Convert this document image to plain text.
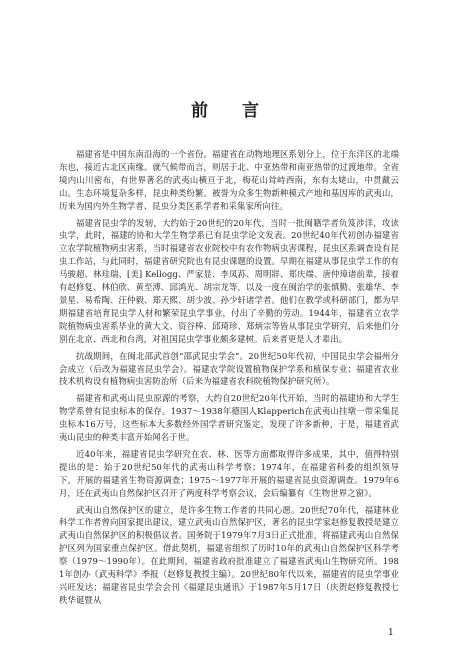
前 言

福建省是中国东南沿海的一个省份。福建省在动物地理区系划分上，位于东洋区的北端东也，接近古北区南缘。就气候带而言，则居于北、中亚热带和南亚热带的过渡地带。全省境内山川密布，有世界著名的武夷山横亘于北，梅花山耸峙西南，东有太姥山，中贯戴云山。生态环境复杂多样，昆虫种类纷繁。被誉为众多生物新种模式产地和基因库的武夷山，历来为国内外生物学者、昆虫分类区系学者和采集家所向往。

福建省昆虫学的发轫，大约始于20世纪的20年代，当时一批闽籍学者负笈涉洋，攻读虫学，此时，福建的协和大学生物学系已有昆虫学论文发表。20世纪40年代初创办福建省立农学院植物病虫害系，当时福建省农业院校中有农作物病虫害课程，昆虫区系调查设有昆虫工作站，与此同时，福建省研究院也有昆虫课题的设置。早期在福建从事昆虫学工作的有马骏超、林珪瑞、[美] Kellogg、严家显、李凤荪、周明牂、郑庆端、唐仲璋诸前辈，接着有赵修复、林伯欣、黄至溥、邱鸿光、胡宗龙等，以及一度在闽治学的张慎勤、张雄华、李景星、易希陶、汪仲毅、郑天熙、胡少波、孙少轩诸学者。他们在教学或科研部门，都为早期福建省培育昆虫学人材和繁荣昆虫学事业，付出了辛勤的劳动。1944年，福建省立农学院植物病虫害系毕业的黄大文、资谷棒、邱琦珍、郑炳宗等皆从事昆虫学研究，后来他们分别在北京、西北和台湾，对祖国昆虫学事业颇多建树。后来者更是人才辈出。

抗战期间，在闽北邵武首创“邵武昆虫学会”。20世纪50年代初，中国昆虫学会福州分会成立（后改为福建省昆虫学会）。福建农学院设置植物保护学系和植保专业；福建省农业技术机构设有植物病虫害防治所（后来为福建省农科院植物保护研究所）。

福建省和武夷山昆虫原源的考察，大约自20世纪20年代开始，当时的福建协和大学生物学系曾有昆虫标本的保存。1937～1938年德国人Klapperich在武夷山挂墩一带采集昆虫标本16万号，这些标本大多数经外国学者研究鉴定，发现了许多新种，于是，福建省武夷山昆虫的种类丰富开始闻名于世。

近40年来，福建省昆虫学研究在农、林、医等方面都取得许多成果，其中，值得特别提出的是：始于20世纪50年代的武夷山科学考察；1974年，在福建省科委的组织领导下，开展的福建省生物资源调查；1975～1977年开展的福建省昆虫资源调查。1979年6月，还在武夷山自然保护区召开了两度科学考察会议，会后编纂有《生物世界之窗》。

武夷山自然保护区的建立，是许多生物工作者的共同心愿。20世纪70年代，福建林业科学工作者曾向国家提出建议，建立武夷山自然保护区，著名的昆虫学家赵修复教授是建立武夷山自然保护区的积极倡议者。国务院于1979年7月3日正式批准，将福建武夷山自然保护区列为国家重点保护区。借此契机，福建省组织了历时10年的武夷山自然保护区科学考察（1979～1990年）。在此期间，福建省政府批准建立了福建省武夷山生物研究所。1981年创办《武夷科学》季报（赵修复教授主编）。20世纪80年代以来，福建省的昆虫学事业兴旺发达；福建省昆虫学会会刊《福建昆虫通讯》于1987年5月17日（庆贺赵修复教授七秩华诞暨从

1
